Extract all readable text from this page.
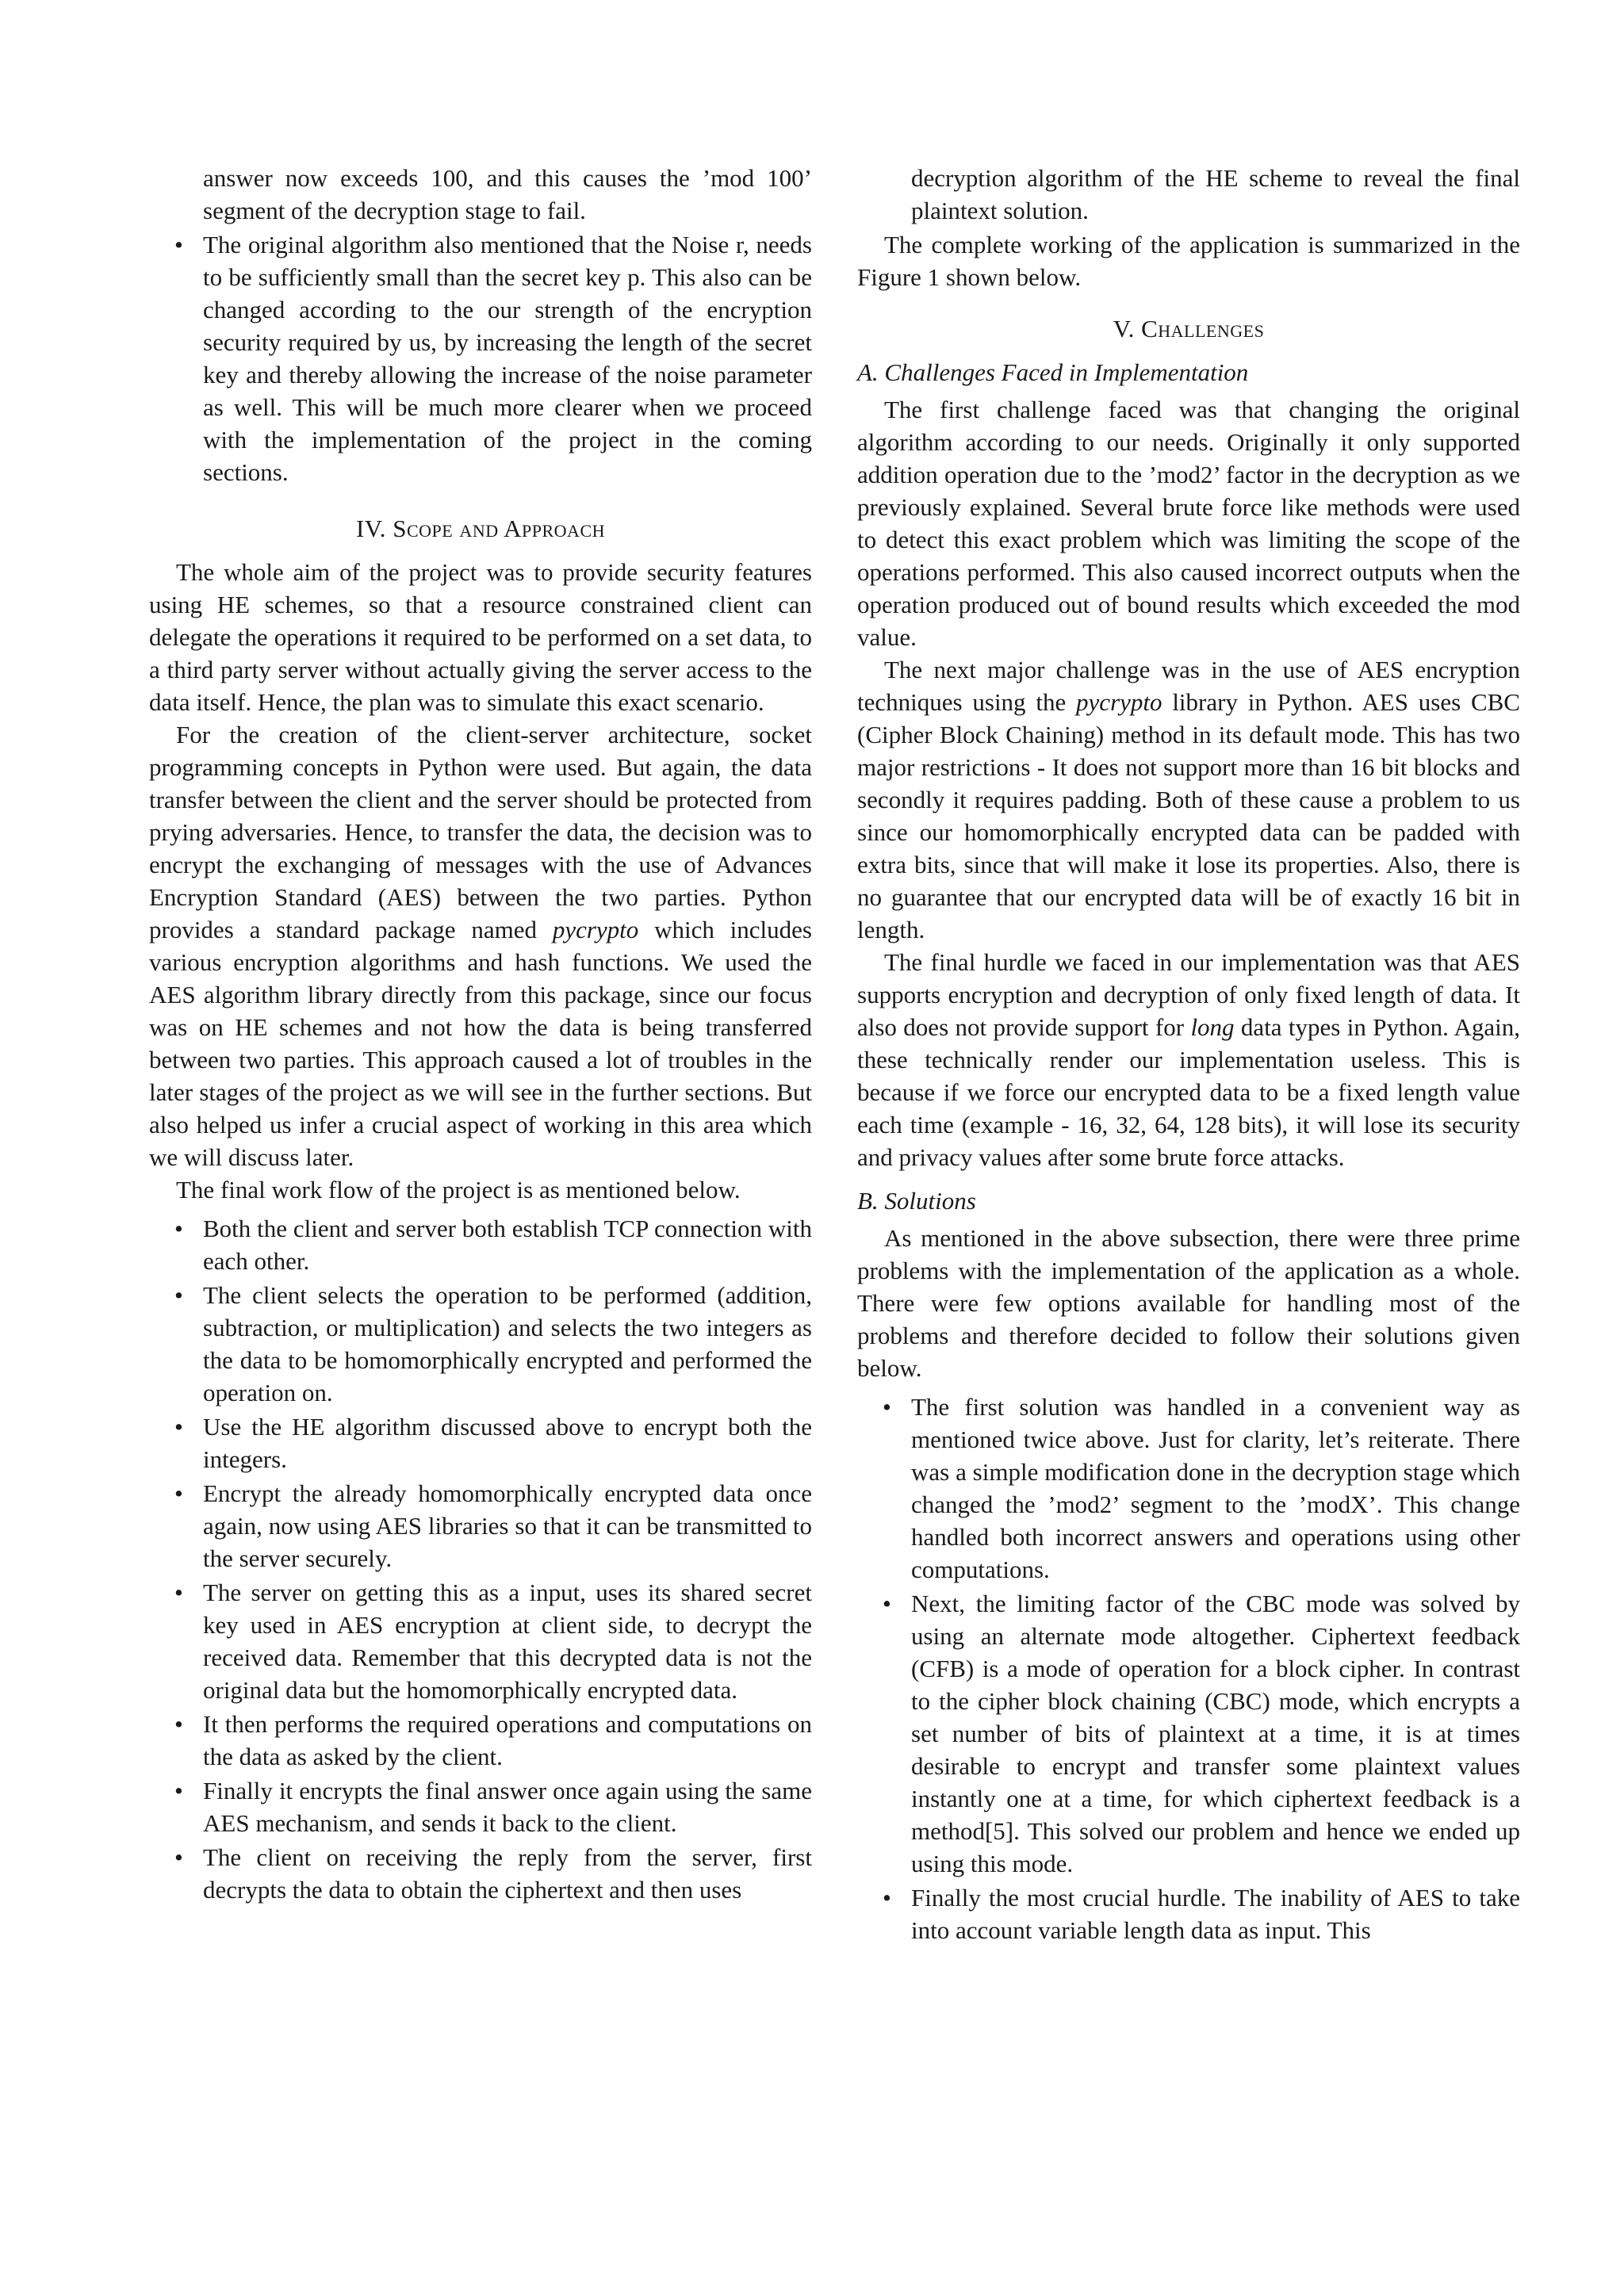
answer now exceeds 100, and this causes the ’mod 100’ segment of the decryption stage to fail.
• The original algorithm also mentioned that the Noise r, needs to be sufficiently small than the secret key p. This also can be changed according to the our strength of the encryption security required by us, by increasing the length of the secret key and thereby allowing the increase of the noise parameter as well. This will be much more clearer when we proceed with the implementation of the project in the coming sections.
IV. Scope and Approach

The whole aim of the project was to provide security features using HE schemes, so that a resource constrained client can delegate the operations it required to be performed on a set data, to a third party server without actually giving the server access to the data itself. Hence, the plan was to simulate this exact scenario.

For the creation of the client-server architecture, socket programming concepts in Python were used. But again, the data transfer between the client and the server should be protected from prying adversaries. Hence, to transfer the data, the decision was to encrypt the exchanging of messages with the use of Advances Encryption Standard (AES) between the two parties. Python provides a standard package named pycrypto which includes various encryption algorithms and hash functions. We used the AES algorithm library directly from this package, since our focus was on HE schemes and not how the data is being transferred between two parties. This approach caused a lot of troubles in the later stages of the project as we will see in the further sections. But also helped us infer a crucial aspect of working in this area which we will discuss later.

The final work flow of the project is as mentioned below.

• Both the client and server both establish TCP connection with each other.
• The client selects the operation to be performed (addition, subtraction, or multiplication) and selects the two integers as the data to be homomorphically encrypted and performed the operation on.
• Use the HE algorithm discussed above to encrypt both the integers.
• Encrypt the already homomorphically encrypted data once again, now using AES libraries so that it can be transmitted to the server securely.
• The server on getting this as a input, uses its shared secret key used in AES encryption at client side, to decrypt the received data. Remember that this decrypted data is not the original data but the homomorphically encrypted data.
• It then performs the required operations and computations on the data as asked by the client.
• Finally it encrypts the final answer once again using the same AES mechanism, and sends it back to the client.
• The client on receiving the reply from the server, first decrypts the data to obtain the ciphertext and then uses
decryption algorithm of the HE scheme to reveal the final plaintext solution.

The complete working of the application is summarized in the Figure 1 shown below.

V. Challenges
A. Challenges Faced in Implementation

The first challenge faced was that changing the original algorithm according to our needs. Originally it only supported addition operation due to the ’mod2’ factor in the decryption as we previously explained. Several brute force like methods were used to detect this exact problem which was limiting the scope of the operations performed. This also caused incorrect outputs when the operation produced out of bound results which exceeded the mod value.

The next major challenge was in the use of AES encryption techniques using the pycrypto library in Python. AES uses CBC (Cipher Block Chaining) method in its default mode. This has two major restrictions - It does not support more than 16 bit blocks and secondly it requires padding. Both of these cause a problem to us since our homomorphically encrypted data can be padded with extra bits, since that will make it lose its properties. Also, there is no guarantee that our encrypted data will be of exactly 16 bit in length.

The final hurdle we faced in our implementation was that AES supports encryption and decryption of only fixed length of data. It also does not provide support for long data types in Python. Again, these technically render our implementation useless. This is because if we force our encrypted data to be a fixed length value each time (example - 16, 32, 64, 128 bits), it will lose its security and privacy values after some brute force attacks.

B. Solutions

As mentioned in the above subsection, there were three prime problems with the implementation of the application as a whole. There were few options available for handling most of the problems and therefore decided to follow their solutions given below.

• The first solution was handled in a convenient way as mentioned twice above. Just for clarity, let’s reiterate. There was a simple modification done in the decryption stage which changed the ’mod2’ segment to the ’modX’. This change handled both incorrect answers and operations using other computations.
• Next, the limiting factor of the CBC mode was solved by using an alternate mode altogether. Ciphertext feedback (CFB) is a mode of operation for a block cipher. In contrast to the cipher block chaining (CBC) mode, which encrypts a set number of bits of plaintext at a time, it is at times desirable to encrypt and transfer some plaintext values instantly one at a time, for which ciphertext feedback is a method[5]. This solved our problem and hence we ended up using this mode.
• Finally the most crucial hurdle. The inability of AES to take into account variable length data as input. This
